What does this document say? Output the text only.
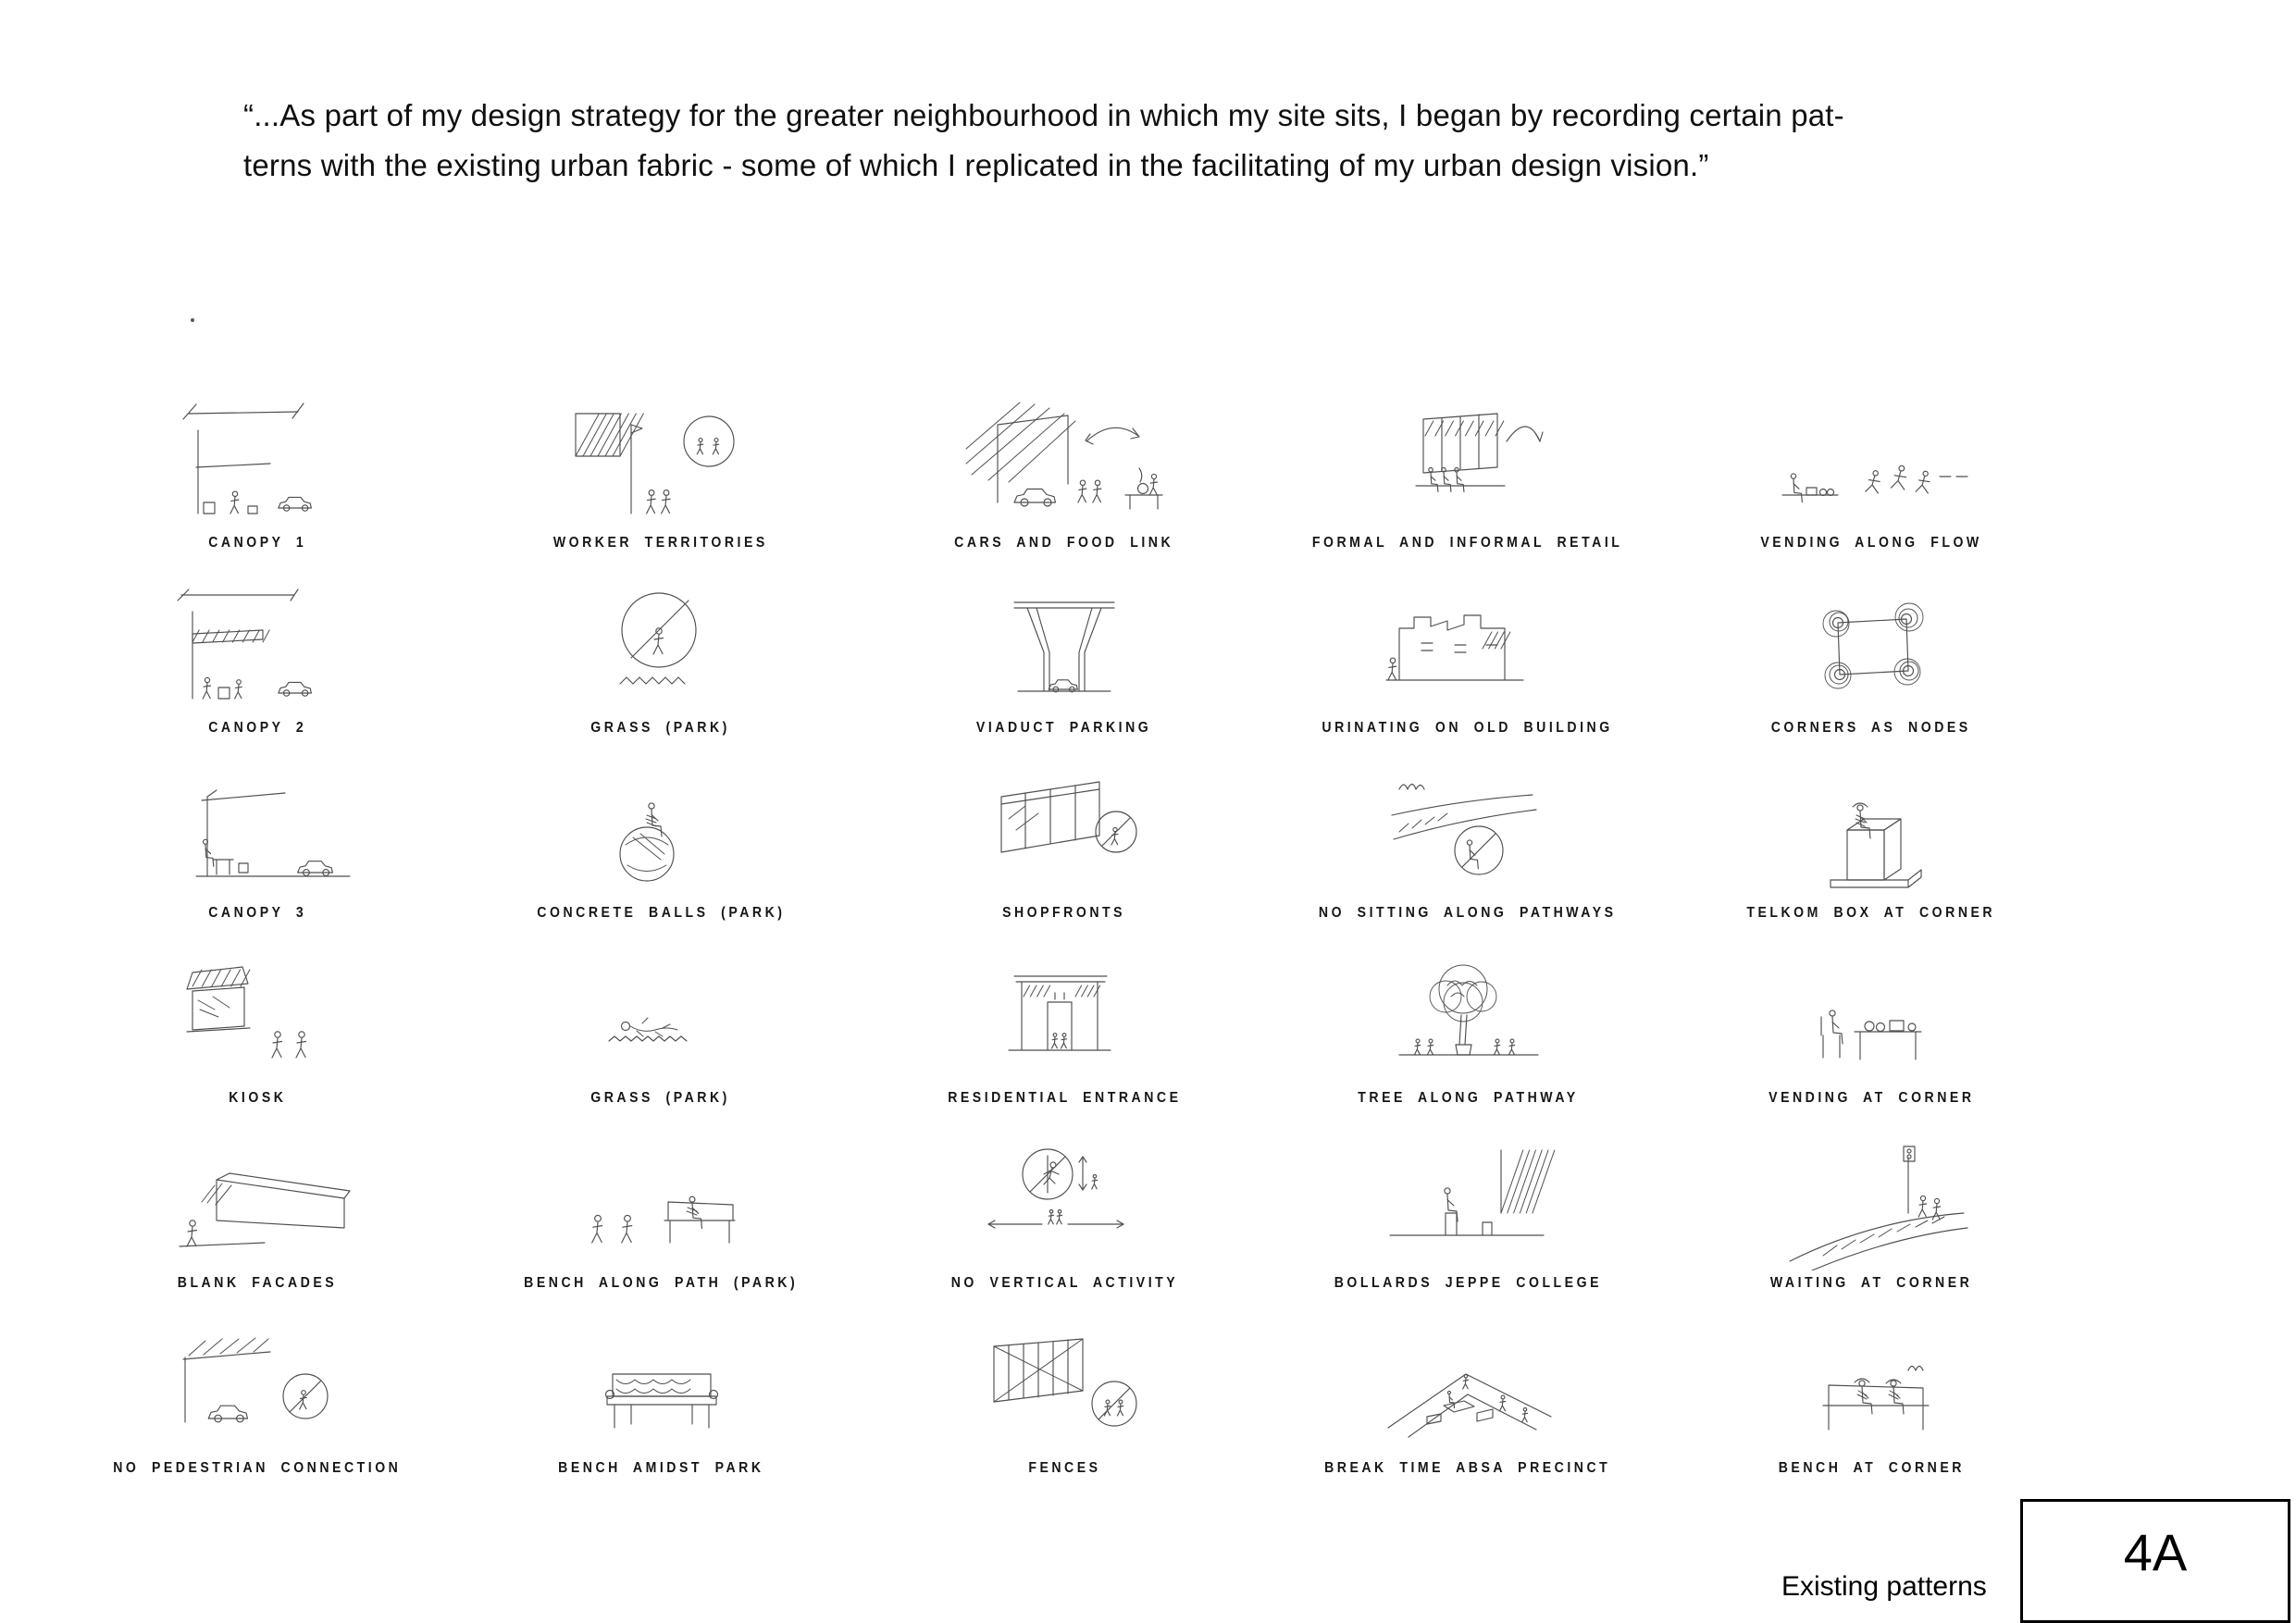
“...As part of my design strategy for the greater neighbourhood in which my site sits, I began by recording certain pat-
terns with the existing urban fabric - some of which I replicated in the facilitating of my urban design vision.”
CANOPY 1	WORKER TERRITORIES	CARS AND FOOD LINK	FORMAL AND INFORMAL RETAIL	VENDING ALONG FLOW
CANOPY 2	GRASS (PARK)	VIADUCT PARKING	URINATING ON OLD BUILDING	CORNERS AS NODES
CANOPY 3	CONCRETE BALLS (PARK)	SHOPFRONTS	NO SITTING ALONG PATHWAYS	TELKOM BOX AT CORNER
KIOSK	GRASS (PARK)	RESIDENTIAL ENTRANCE	TREE ALONG PATHWAY	VENDING AT CORNER
BLANK FACADES	BENCH ALONG PATH (PARK)	NO VERTICAL ACTIVITY	BOLLARDS JEPPE COLLEGE	WAITING AT CORNER
NO PEDESTRIAN CONNECTION	BENCH AMIDST PARK	FENCES	BREAK TIME ABSA PRECINCT	BENCH AT CORNER
Existing patterns
4A
